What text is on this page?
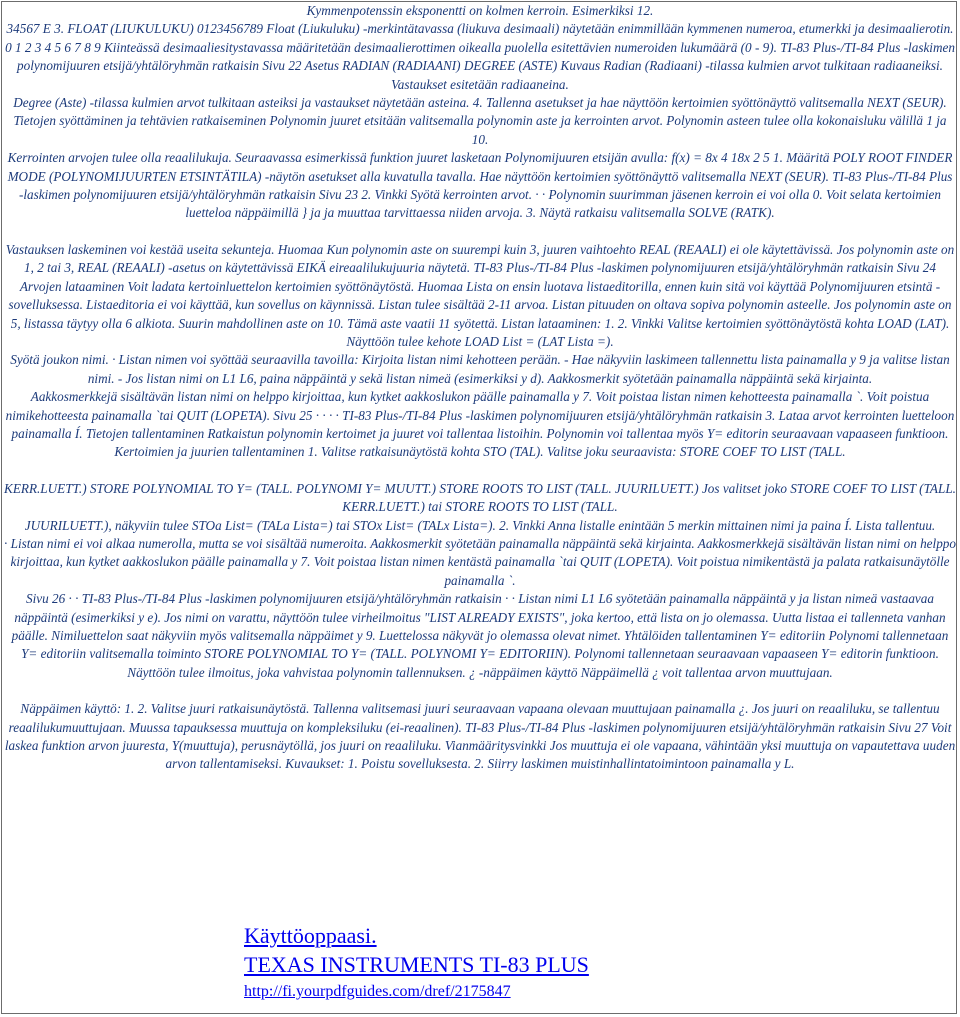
Kymmenpotenssin eksponentti on kolmen kerroin. Esimerkiksi 12.

34567 E 3. FLOAT (LIUKULUKU) 0123456789 Float (Liukuluku) -merkintätavassa (liukuva desimaali) näytetään enimmillään kymmenen numeroa, etumerkki ja desimaalierotin. 0 1 2 3 4 5 6 7 8 9 Kiinteässä desimaaliesitystavassa määritetään desimaalierottimen oikealla puolella esitettävien numeroiden lukumäärä (0 - 9). TI-83 Plus-/TI-84 Plus -laskimen polynomijuuren etsijä/yhtälöryhmän ratkaisin Sivu 22 Asetus RADIAN (RADIAANI) DEGREE (ASTE) Kuvaus Radian (Radiaani) -tilassa kulmien arvot tulkitaan radiaaneiksi. Vastaukset esitetään radiaaneina.

Degree (Aste) -tilassa kulmien arvot tulkitaan asteiksi ja vastaukset näytetään asteina. 4. Tallenna asetukset ja hae näyttöön kertoimien syöttönäyttö valitsemalla NEXT (SEUR). Tietojen syöttäminen ja tehtävien ratkaiseminen Polynomin juuret etsitään valitsemalla polynomin aste ja kerrointen arvot. Polynomin asteen tulee olla kokonaisluku välillä 1 ja 10.

Kerrointen arvojen tulee olla reaalilukuja. Seuraavassa esimerkissä funktion juuret lasketaan Polynomijuuren etsijän avulla: f(x) = 8x 4 18x 2 5 1. Määritä POLY ROOT FINDER MODE (POLYNOMIJUURTEN ETSINTÄTILA) -näytön asetukset alla kuvatulla tavalla. Hae näyttöön kertoimien syöttönäyttö valitsemalla NEXT (SEUR). TI-83 Plus-/TI-84 Plus -laskimen polynomijuuren etsijä/yhtälöryhmän ratkaisin Sivu 23 2. Vinkki Syötä kerrointen arvot. · · Polynomin suurimman jäsenen kerroin ei voi olla 0. Voit selata kertoimien luetteloa näppäimillä } ja ja muuttaa tarvittaessa niiden arvoja. 3. Näytä ratkaisu valitsemalla SOLVE (RATK).

Vastauksen laskeminen voi kestää useita sekunteja. Huomaa Kun polynomin aste on suurempi kuin 3, juuren vaihtoehto REAL (REAALI) ei ole käytettävissä. Jos polynomin aste on 1, 2 tai 3, REAL (REAALI) -asetus on käytettävissä EIKÄ eireaalilukujuuria näytetä. TI-83 Plus-/TI-84 Plus -laskimen polynomijuuren etsijä/yhtälöryhmän ratkaisin Sivu 24 Arvojen lataaminen Voit ladata kertoinluettelon kertoimien syöttönäytöstä. Huomaa Lista on ensin luotava listaeditorilla, ennen kuin sitä voi käyttää Polynomijuuren etsintä -sovelluksessa. Listaeditoria ei voi käyttää, kun sovellus on käynnissä. Listan tulee sisältää 2-11 arvoa. Listan pituuden on oltava sopiva polynomin asteelle. Jos polynomin aste on 5, listassa täytyy olla 6 alkiota. Suurin mahdollinen aste on 10. Tämä aste vaatii 11 syötettä. Listan lataaminen: 1. 2. Vinkki Valitse kertoimien syöttönäytöstä kohta LOAD (LAT). Näyttöön tulee kehote LOAD List = (LAT Lista =).

Syötä joukon nimi. · Listan nimen voi syöttää seuraavilla tavoilla: Kirjoita listan nimi kehotteen perään. - Hae näkyviin laskimeen tallennettu lista painamalla y 9 ja valitse listan nimi. - Jos listan nimi on L1 L6, paina näppäintä y sekä listan nimeä (esimerkiksi y d). Aakkosmerkit syötetään painamalla näppäintä sekä kirjainta.

Aakkosmerkkejä sisältävän listan nimi on helppo kirjoittaa, kun kytket aakkoslukon päälle painamalla y 7. Voit poistaa listan nimen kehotteesta painamalla `. Voit poistua nimikehotteesta painamalla `tai QUIT (LOPETA). Sivu 25 · · · · TI-83 Plus-/TI-84 Plus -laskimen polynomijuuren etsijä/yhtälöryhmän ratkaisin 3. Lataa arvot kerrointen luetteloon painamalla Í. Tietojen tallentaminen Ratkaistun polynomin kertoimet ja juuret voi tallentaa listoihin. Polynomin voi tallentaa myös Y= editorin seuraavaan vapaaseen funktioon. Kertoimien ja juurien tallentaminen 1. Valitse ratkaisunäytöstä kohta STO (TAL). Valitse joku seuraavista: STORE COEF TO LIST (TALL.

KERR.LUETT.) STORE POLYNOMIAL TO Y= (TALL. POLYNOMI Y= MUUTT.) STORE ROOTS TO LIST (TALL. JUURILUETT.) Jos valitset joko STORE COEF TO LIST (TALL. KERR.LUETT.) tai STORE ROOTS TO LIST (TALL.

JUURILUETT.), näkyviin tulee STOa List= (TALa Lista=) tai STOx List= (TALx Lista=). 2. Vinkki Anna listalle enintään 5 merkin mittainen nimi ja paina Í. Lista tallentuu.

· Listan nimi ei voi alkaa numerolla, mutta se voi sisältää numeroita. Aakkosmerkit syötetään painamalla näppäintä sekä kirjainta. Aakkosmerkkejä sisältävän listan nimi on helppo kirjoittaa, kun kytket aakkoslukon päälle painamalla y 7. Voit poistaa listan nimen kentästä painamalla `tai QUIT (LOPETA). Voit poistua nimikentästä ja palata ratkaisunäytölle painamalla `.

Sivu 26 · · TI-83 Plus-/TI-84 Plus -laskimen polynomijuuren etsijä/yhtälöryhmän ratkaisin · · Listan nimi L1 L6 syötetään painamalla näppäintä y ja listan nimeä vastaavaa näppäintä (esimerkiksi y e). Jos nimi on varattu, näyttöön tulee virheilmoitus "LIST ALREADY EXISTS", joka kertoo, että lista on jo olemassa. Uutta listaa ei tallenneta vanhan päälle. Nimiluettelon saat näkyviin myös valitsemalla näppäimet y 9. Luettelossa näkyvät jo olemassa olevat nimet. Yhtälöiden tallentaminen Y= editoriin Polynomi tallennetaan Y= editoriin valitsemalla toiminto STORE POLYNOMIAL TO Y= (TALL. POLYNOMI Y= EDITORIIN). Polynomi tallennetaan seuraavaan vapaaseen Y= editorin funktioon. Näyttöön tulee ilmoitus, joka vahvistaa polynomin tallennuksen. ¿ -näppäimen käyttö Näppäimellä ¿ voit tallentaa arvon muuttujaan.

Näppäimen käyttö: 1. 2. Valitse juuri ratkaisunäytöstä. Tallenna valitsemasi juuri seuraavaan vapaana olevaan muuttujaan painamalla ¿. Jos juuri on reaaliluku, se tallentuu reaalilukumuuttujaan. Muussa tapauksessa muuttuja on kompleksiluku (ei-reaalinen). TI-83 Plus-/TI-84 Plus -laskimen polynomijuuren etsijä/yhtälöryhmän ratkaisin Sivu 27 Voit laskea funktion arvon juuresta, Y(muuttuja), perusnäytöllä, jos juuri on reaaliluku. Vianmääritysvinkki Jos muuttuja ei ole vapaana, vähintään yksi muuttuja on vapautettava uuden arvon tallentamiseksi. Kuvaukset: 1. Poistu sovelluksesta. 2. Siirry laskimen muistinhallintatoimintoon painamalla y L.

Käyttöoppaasi.
TEXAS INSTRUMENTS TI-83 PLUS
http://fi.yourpdfguides.com/dref/2175847
